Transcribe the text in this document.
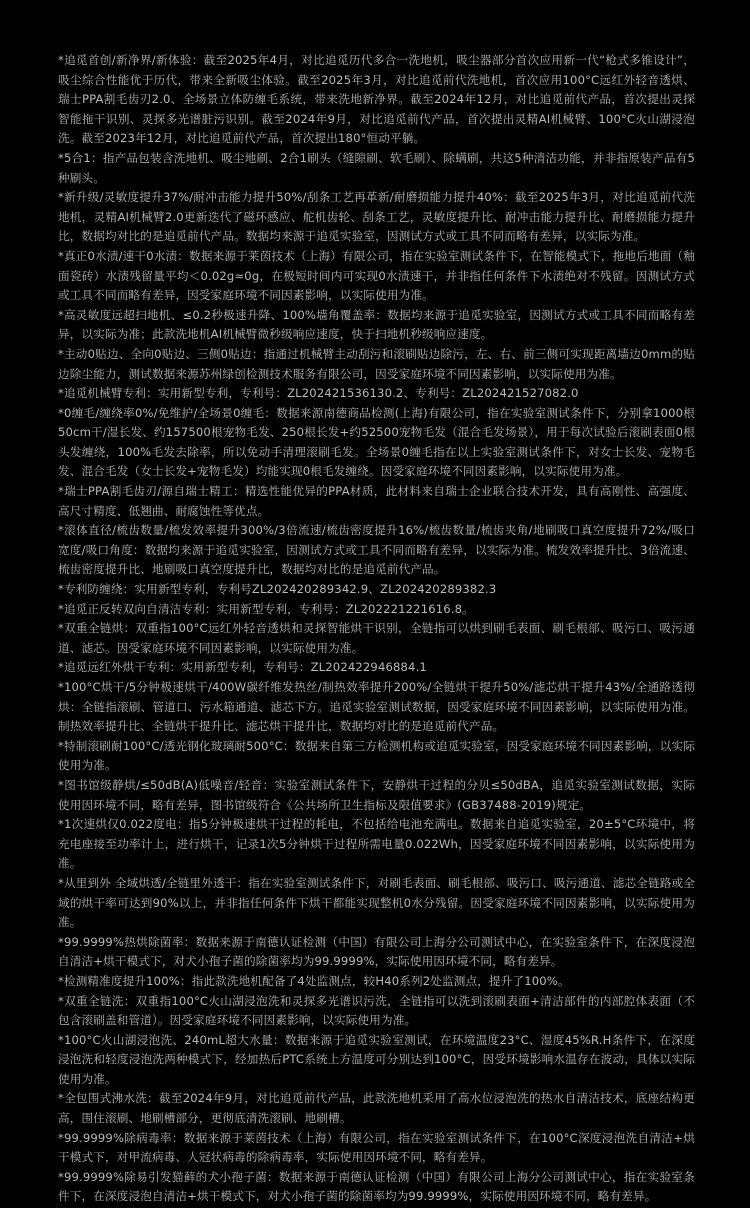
*追觅首创/新净界/新体验：截至2025年4月，对比追觅历代多合一洗地机，吸尘器部分首次应用新一代“枪式多锥设计”，吸尘综合性能优于历代，带来全新吸尘体验。截至2025年3月，对比追觅前代洗地机，首次应用100°C远红外轻音透烘、瑞士PPA割毛齿刃2.0、全场景立体防缠毛系统，带来洗地新净界。截至2024年12月，对比追觅前代产品，首次提出灵探智能拖干识别、灵探多光谱脏污识别。截至2024年9月，对比追觅前代产品，首次提出灵精AI机械臂、100°C火山湖浸泡洗。截至2023年12月，对比追觅前代产品，首次提出180°恒动平躺。

*5合1：指产品包装含洗地机、吸尘地刷、2合1刷头（缝隙刷、软毛刷）、除螨刷，共这5种清洁功能，并非指原装产品有5种刷头。

*新升级/灵敏度提升37%/耐冲击能力提升50%/刮条工艺再革新/耐磨损能力提升40%：截至2025年3月，对比追觅前代洗地机，灵精AI机械臂2.0更新迭代了磁环感应、舵机齿轮、刮条工艺，灵敏度提升比、耐冲击能力提升比、耐磨损能力提升比，数据均对比的是追觅前代产品。数据均来源于追觅实验室，因测试方式或工具不同而略有差异，以实际为准。

*真正0水渍/速干0水渍：数据来源于莱茵技术（上海）有限公司，指在实验室测试条件下，在智能模式下，拖地后地面（釉面瓷砖）水渍残留量平均＜0.02g≈0g，在极短时间内可实现0水渍速干，并非指任何条件下水渍绝对不残留。因测试方式或工具不同而略有差异，因受家庭环境不同因素影响，以实际使用为准。

*高灵敏度远超扫地机、≤0.2秒极速升降、100%墙角覆盖率：数据均来源于追觅实验室，因测试方式或工具不同而略有差异，以实际为准；此款洗地机AI机械臂微秒级响应速度，快于扫地机秒级响应速度。

*主动0贴边、全向0贴边、三侧0贴边：指通过机械臂主动刮污和滚刷贴边除污，左、右、前三侧可实现距离墙边0mm的贴边除尘能力，测试数据来源苏州绿创检测技术服务有限公司，因受家庭环境不同因素影响，以实际使用为准。

*追觅机械臂专利：实用新型专利，专利号：ZL202421536130.2、专利号：ZL202421527082.0

*0缠毛/缠绕率0%/免维护/全场景0缠毛：数据来源南德商品检测(上海)有限公司，指在实验室测试条件下，分别拿1000根50cm干/湿长发、约157500根宠物毛发、250根长发+约52500宠物毛发（混合毛发场景），用于每次试验后滚刷表面0根头发缠绕，100%毛发去除率，所以免动手清理滚刷毛发。全场景0缠毛指在以上实验室测试条件下，对女士长发、宠物毛发、混合毛发（女士长发+宠物毛发）均能实现0根毛发缠绕。因受家庭环境不同因素影响，以实际使用为准。

*瑞士PPA割毛齿刃/源自瑞士精工：精选性能优异的PPA材质，此材料来自瑞士企业联合技术开发，具有高刚性、高强度、高尺寸精度、低翘曲、耐腐蚀性等优点。

*滚体直径/梳齿数量/梳发效率提升300%/3倍流速/梳齿密度提升16%/梳齿数量/梳齿夹角/地刷吸口真空度提升72%/吸口宽度/吸口角度：数据均来源于追觅实验室，因测试方式或工具不同而略有差异，以实际为准。梳发效率提升比、3倍流速、梳齿密度提升比、地刷吸口真空度提升比，数据均对比的是追觅前代产品。

*专利防缠绕：实用新型专利，专利号ZL202420289342.9、ZL202420289382.3

*追觅正反转双向自清洁专利：实用新型专利，专利号：ZL202221221616.8。

*双重全链烘：双重指100°C远红外轻音透烘和灵探智能烘干识别，全链指可以烘到刷毛表面、刷毛根部、吸污口、吸污通道、滤芯。因受家庭环境不同因素影响，以实际使用为准。

*追觅远红外烘干专利：实用新型专利，专利号：ZL202422946884.1

*100°C烘干/5分钟极速烘干/400W碳纤维发热丝/制热效率提升200%/全链烘干提升50%/滤芯烘干提升43%/全通路透彻烘：全链指滚刷、管道口、污水箱通道、滤芯下方。追觅实验室测试数据，因受家庭环境不同因素影响，以实际使用为准。制热效率提升比、全链烘干提升比、滤芯烘干提升比，数据均对比的是追觅前代产品。

*特制滚刷耐100°C/透光钢化玻璃耐500°C：数据来自第三方检测机构或追觅实验室，因受家庭环境不同因素影响，以实际使用为准。

*图书馆级静烘/≤50dB(A)低噪音/轻音：实验室测试条件下，安静烘干过程的分贝≤50dBA，追觅实验室测试数据，实际使用因环境不同，略有差异，图书馆级符合《公共场所卫生指标及限值要求》(GB37488-2019)规定。

*1次速烘仅0.022度电：指5分钟极速烘干过程的耗电，不包括给电池充满电。数据来自追觅实验室，20±5°C环境中，将充电座接至功率计上，进行烘干，记录1次5分钟烘干过程所需电量0.022Wh，因受家庭环境不同因素影响，以实际使用为准。

*从里到外 全域烘透/全链里外透干：指在实验室测试条件下，对刷毛表面、刷毛根部、吸污口、吸污通道、滤芯全链路或全域的烘干率可达到90%以上，并非指任何条件下烘干都能实现整机0水分残留。因受家庭环境不同因素影响，以实际使用为准。

*99.9999%热烘除菌率：数据来源于南德认证检测（中国）有限公司上海分公司测试中心，在实验室条件下，在深度浸泡自清洁+烘干模式下，对犬小孢子菌的除菌率均为99.9999%，实际使用因环境不同，略有差异。

*检测精准度提升100%：指此款洗地机配备了4处监测点，较H40系列2处监测点，提升了100%。

*双重全链洗：双重指100°C火山湖浸泡洗和灵探多光谱识污洗，全链指可以洗到滚刷表面+清洁部件的内部腔体表面（不包含滚刷盖和管道）。因受家庭环境不同因素影响，以实际使用为准。

*100°C火山湖浸泡洗、240mL超大水量：数据来源于追觅实验室测试，在环境温度23°C、湿度45%R.H条件下，在深度浸泡洗和轻度浸泡洗两种模式下，经加热后PTC系统上方温度可分别达到100°C，因受环境影响水温存在波动，具体以实际使用为准。

*全包围式沸水洗：截至2024年9月，对比追觅前代产品，此款洗地机采用了高水位浸泡洗的热水自清洁技术，底座结构更高，围住滚刷、地刷槽部分，更彻底清洗滚刷、地刷槽。

*99.9999%除病毒率：数据来源于莱茵技术（上海）有限公司，指在实验室测试条件下，在100°C深度浸泡洗自清洁+烘干模式下，对甲流病毒、人冠状病毒的除病毒率，实际使用因环境不同，略有差异。

*99.9999%除易引发猫藓的犬小孢子菌：数据来源于南德认证检测（中国）有限公司上海分公司测试中心，指在实验室条件下，在深度浸泡自清洁+烘干模式下，对犬小孢子菌的除菌率均为99.9999%，实际使用因环境不同，略有差异。
